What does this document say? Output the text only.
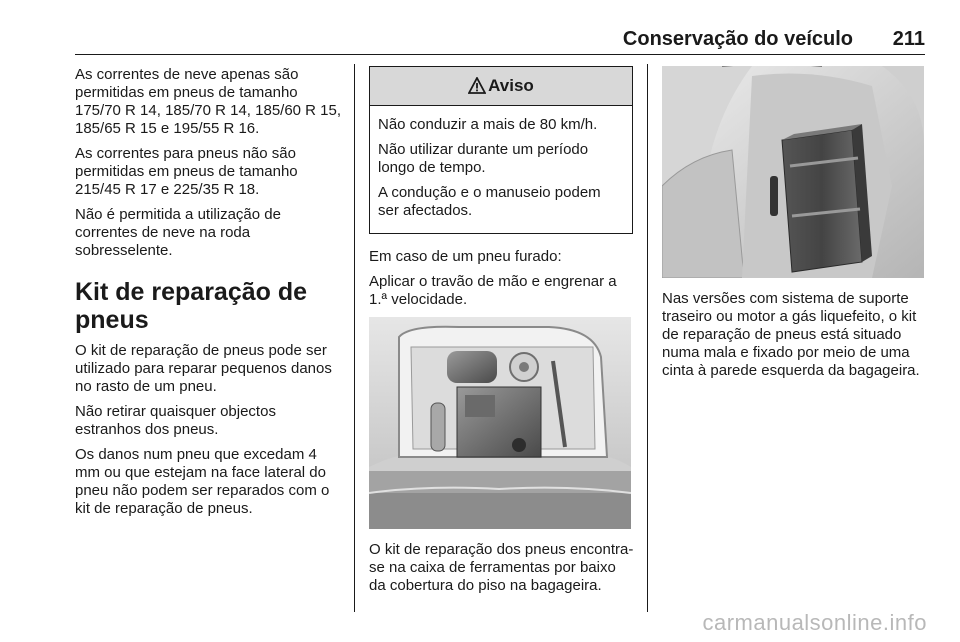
Conservação do veículo 211

As correntes de neve apenas são permitidas em pneus de tamanho 175/70 R 14, 185/70 R 14, 185/60 R 15, 185/65 R 15 e 195/55 R 16.

As correntes para pneus não são permitidas em pneus de tamanho 215/45 R 17 e 225/35 R 18.

Não é permitida a utilização de correntes de neve na roda sobresselente.

Kit de reparação de pneus

O kit de reparação de pneus pode ser utilizado para reparar pequenos danos no rasto de um pneu.

Não retirar quaisquer objectos estranhos dos pneus.

Os danos num pneu que excedam 4 mm ou que estejam na face lateral do pneu não podem ser reparados com o kit de reparação de pneus.

Aviso

Não conduzir a mais de 80 km/h.

Não utilizar durante um período longo de tempo.

A condução e o manuseio podem ser afectados.

Em caso de um pneu furado:

Aplicar o travão de mão e engrenar a 1.ª velocidade.

O kit de reparação dos pneus encontra-se na caixa de ferramentas por baixo da cobertura do piso na bagageira.

Nas versões com sistema de suporte traseiro ou motor a gás liquefeito, o kit de reparação de pneus está situado numa mala e fixado por meio de uma cinta à parede esquerda da bagageira.

carmanualsonline.info
